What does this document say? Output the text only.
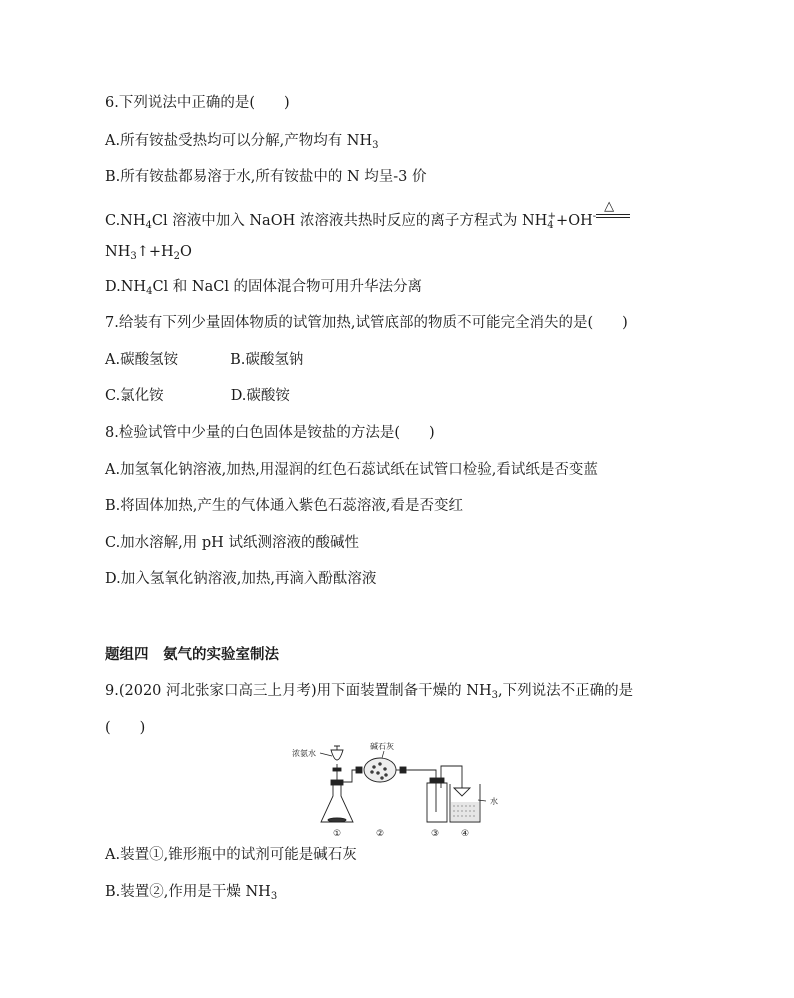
6.下列说法中正确的是(　　)
A.所有铵盐受热均可以分解,产物均有 $NH_3$
B.所有铵盐都易溶于水,所有铵盐中的 N 均呈-3 价
$C.NH_4Cl$ 溶液中加入 NaOH 浓溶液共热时反应的离子方程式为 $NH_4^++OH^-$
△
$NH_3↑+H_2O$
$D.NH_4Cl$ 和 NaCl 的固体混合物可用升华法分离
7.给装有下列少量固体物质的试管加热,试管底部的物质不可能完全消失的是(　　)
A.碳酸氢铵	B.碳酸氢钠
C.氯化铵	D.碳酸铵
8.检验试管中少量的白色固体是铵盐的方法是(　　)
A.加氢氧化钠溶液,加热,用湿润的红色石蕊试纸在试管口检验,看试纸是否变蓝
B.将固体加热,产生的气体通入紫色石蕊溶液,看是否变红
C.加水溶解,用 pH 试纸测溶液的酸碱性
D.加入氢氧化钠溶液,加热,再滴入酚酞溶液
题组四　氨气的实验室制法
9.(2020 河北张家口高三上月考)用下面装置制备干燥的 $NH_3$,下列说法不正确的是
(　　)
浓氨水
碱石灰
水
①	②	③ ④
A.装置①,锥形瓶中的试剂可能是碱石灰
B.装置②,作用是干燥 $NH_3$
